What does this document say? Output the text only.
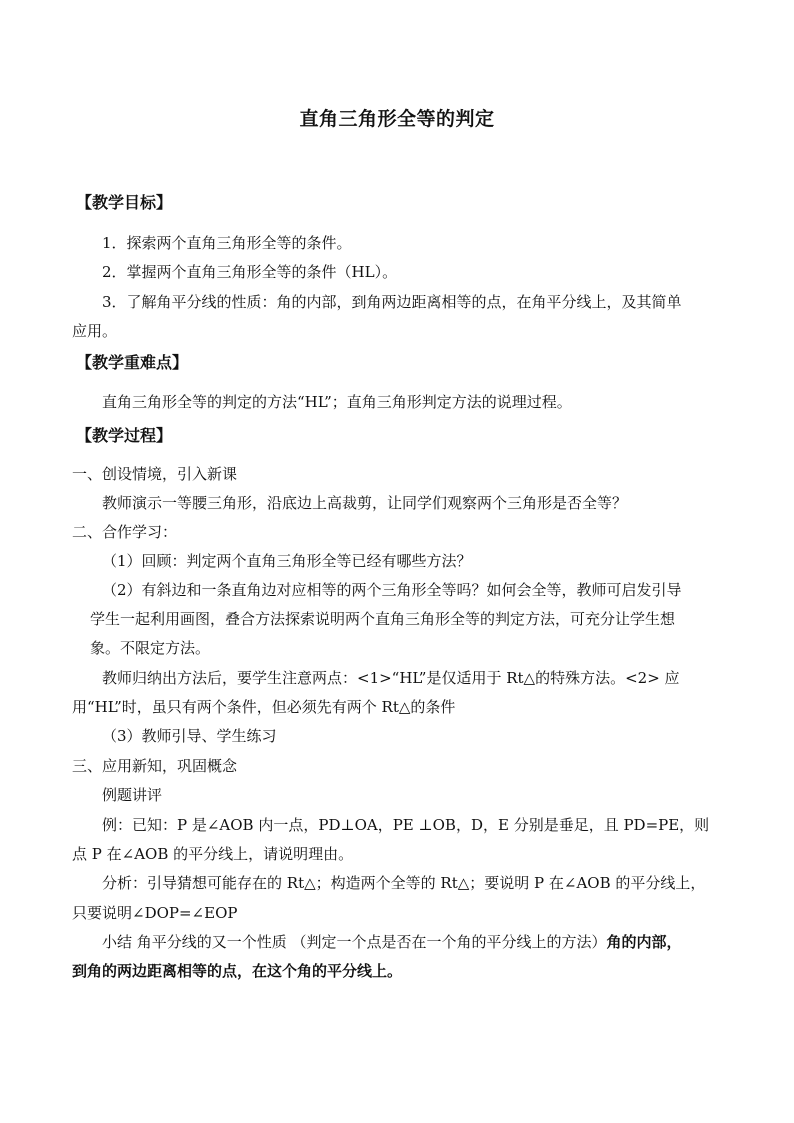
直角三角形全等的判定
【教学目标】
1．探索两个直角三角形全等的条件。
2．掌握两个直角三角形全等的条件（HL）。
3．了解角平分线的性质：角的内部，到角两边距离相等的点，在角平分线上，及其简单
应用。
【教学重难点】
直角三角形全等的判定的方法“HL”；直角三角形判定方法的说理过程。
【教学过程】
一、创设情境，引入新课
教师演示一等腰三角形，沿底边上高裁剪，让同学们观察两个三角形是否全等？
二、合作学习：
（1）回顾：判定两个直角三角形全等已经有哪些方法？
（2）有斜边和一条直角边对应相等的两个三角形全等吗？如何会全等，教师可启发引导
学生一起利用画图，叠合方法探索说明两个直角三角形全等的判定方法，可充分让学生想
象。不限定方法。
教师归纳出方法后，要学生注意两点：<1>“HL”是仅适用于 Rt△的特殊方法。<2> 应
用“HL”时，虽只有两个条件，但必须先有两个 Rt△的条件
（3）教师引导、学生练习
三、应用新知，巩固概念
例题讲评
例：已知：P 是∠AOB 内一点，PD⊥OA，PE ⊥OB，D，E 分别是垂足，且 PD=PE，则
点 P 在∠AOB 的平分线上，请说明理由。
分析：引导猜想可能存在的 Rt△；构造两个全等的 Rt△；要说明 P 在∠AOB 的平分线上，
只要说明∠DOP=∠EOP
小结 角平分线的又一个性质 （判定一个点是否在一个角的平分线上的方法）角的内部，
到角的两边距离相等的点，在这个角的平分线上。
